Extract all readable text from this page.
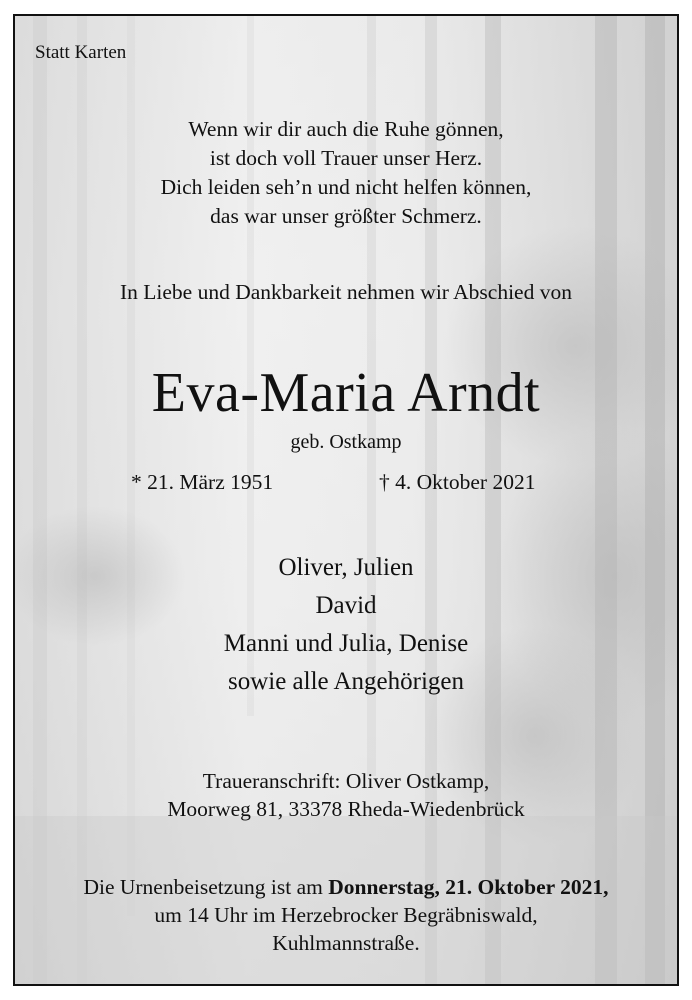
Statt Karten
Wenn wir dir auch die Ruhe gönnen,
ist doch voll Trauer unser Herz.
Dich leiden seh’n und nicht helfen können,
das war unser größter Schmerz.
In Liebe und Dankbarkeit nehmen wir Abschied von
Eva-Maria Arndt
geb. Ostkamp
* 21. März 1951	† 4. Oktober 2021
Oliver, Julien
David
Manni und Julia, Denise
sowie alle Angehörigen
Traueranschrift: Oliver Ostkamp,
Moorweg 81, 33378 Rheda-Wiedenbrück
Die Urnenbeisetzung ist am Donnerstag, 21. Oktober 2021,
um 14 Uhr im Herzebrocker Begräbniswald,
Kuhlmannstraße.
